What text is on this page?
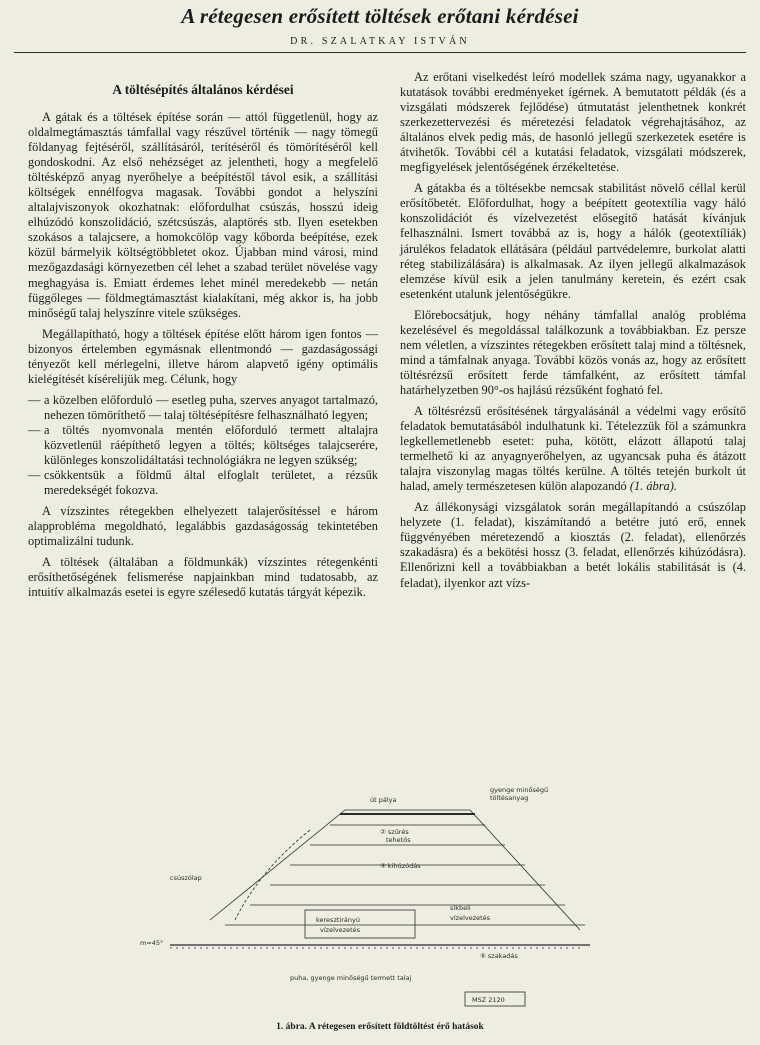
A rétegesen erősített töltések erőtani kérdései
DR. SZALATKAY ISTVÁN
A töltésépítés általános kérdései

A gátak és a töltések építése során — attól függetlenül, hogy az oldalmegtámasztás támfallal vagy részűvel történik — nagy tömegű földanyag fejtéséről, szállításáról, terítéséről és tömörítéséről kell gondoskodni. Az első nehézséget az jelentheti, hogy a megfelelő töltésképző anyag nyerőhelye a beépítéstől távol esik, a szállítási költségek ennélfogva magasak. További gondot a helyszíni altalajviszonyok okozhatnak: előfordulhat csúszás, hosszú ideig elhúzódó konszolidáció, szétcsúszás, alaptörés stb. Ilyen esetekben szokásos a talajcsere, a homokcölöp vagy kőborda beépítése, ezek közül bármelyik költségtöbbletet okoz. Újabban mind városi, mind mezőgazdasági környezetben cél lehet a szabad terület növelése vagy meghagyása is. Emiatt érdemes lehet minél meredekebb — netán függőleges — földmegtámasztást kialakítani, még akkor is, ha jobb minőségű talaj helyszínre vitele szükséges.

Megállapítható, hogy a töltések építése előtt három igen fontos — bizonyos értelemben egymásnak ellentmondó — gazdaságossági tényezőt kell mérlegelni, illetve három alapvető igény optimális kielégítését kísérelijük meg. Célunk, hogy

— a közelben előforduló — esetleg puha, szerves anyagot tartalmazó, nehezen tömöríthető — talaj töltésépítésre felhasználható legyen;
— a töltés nyomvonala mentén előforduló termett altalajra közvetlenül ráépíthető legyen a töltés; költséges talajcserére, különleges konszolidáltatási technológiákra ne legyen szükség;
— csökkentsük a földmű által elfoglalt területet, a rézsűk meredekségét fokozva.

A vízszintes rétegekben elhelyezett talajerősítéssel e három alapprobléma megoldható, legalábbis gazdaságosság tekintetében optimalizálni tudunk.

A töltések (általában a földmunkák) vízszintes rétegenkénti erősíthetőségének felismerése napjainkban mind tudatosabb, az intuitív alkalmazás esetei is egyre szélesedő kutatás tárgyát képezik.

Az erőtani viselkedést leíró modellek száma nagy, ugyanakkor a kutatások további eredményeket ígérnek. A bemutatott példák (és a vizsgálati módszerek fejlődése) útmutatást jelenthetnek konkrét szerkezettervezési és méretezési feladatok végrehajtásához, az általános elvek pedig más, de hasonló jellegű szerkezetek esetére is átvihetők. További cél a kutatási feladatok, vizsgálati módszerek, megfigyelések jelentőségének érzékeltetése.

A gátakba és a töltésekbe nemcsak stabilitást növelő céllal kerül erősítőbetét. Előfordulhat, hogy a beépített geotextília vagy háló konszolidációt és vízelvezetést elősegítő hatását kívánjuk felhasználni. Ismert továbbá az is, hogy a hálók (geotextíliák) járulékos feladatok ellátására (például partvédelemre, burkolat alatti réteg stabilizálására) is alkalmasak. Az ilyen jellegű alkalmazások elemzése kívül esik a jelen tanulmány keretein, és ezért csak esetenként utalunk jelentőségükre.

Előrebocsátjuk, hogy néhány támfallal analóg probléma kezelésével és megoldással találkozunk a továbbiakban. Ez persze nem véletlen, a vízszintes rétegekben erősített talaj mind a töltésnek, mind a támfalnak anyaga. További közös vonás az, hogy az erősített töltésrézsű erősített ferde támfalként, az erősített támfal határhelyzetben 90°-os hajlású rézsűként fogható fel.

A töltésrézsű erősítésének tárgyalásánál a védelmi vagy erősítő feladatok bemutatásából indulhatunk ki. Tételezzük föl a számunkra legkellemetlenebb esetet: puha, kötött, elázott állapotú talaj termelhető ki az anyagnyerőhelyen, az ugyancsak puha és átázott talajra viszonylag magas töltés kerülne. A töltés tetején burkolt út halad, amely természetesen külön alapozandó (1. ábra).

Az állékonysági vizsgálatok során megállapítandó a csúszólap helyzete (1. feladat), kiszámítandó a betétre jutó erő, ennek függvényében méretezendő a kiosztás (2. feladat), ellenőrzés szakadásra) és a bekötési hossz (3. feladat, ellenőrzés kihúzódásra). Ellenőrizni kell a továbbiakban a betét lokális stabilitását is (4. feladat), ilyenkor azt vízs-

út pálya
gyenge minőségű
töltésanyag
② szűrés
tehetős
③ kihúzódás
csúszólap
keresztirányú
vízelvezetés
síkbeli
vízelvezetés
⑤ szakadás
puha, gyenge minőségű termett talaj
MSZ 2120
m=45°
1. ábra. A rétegesen erősített földtöltést érő hatások
